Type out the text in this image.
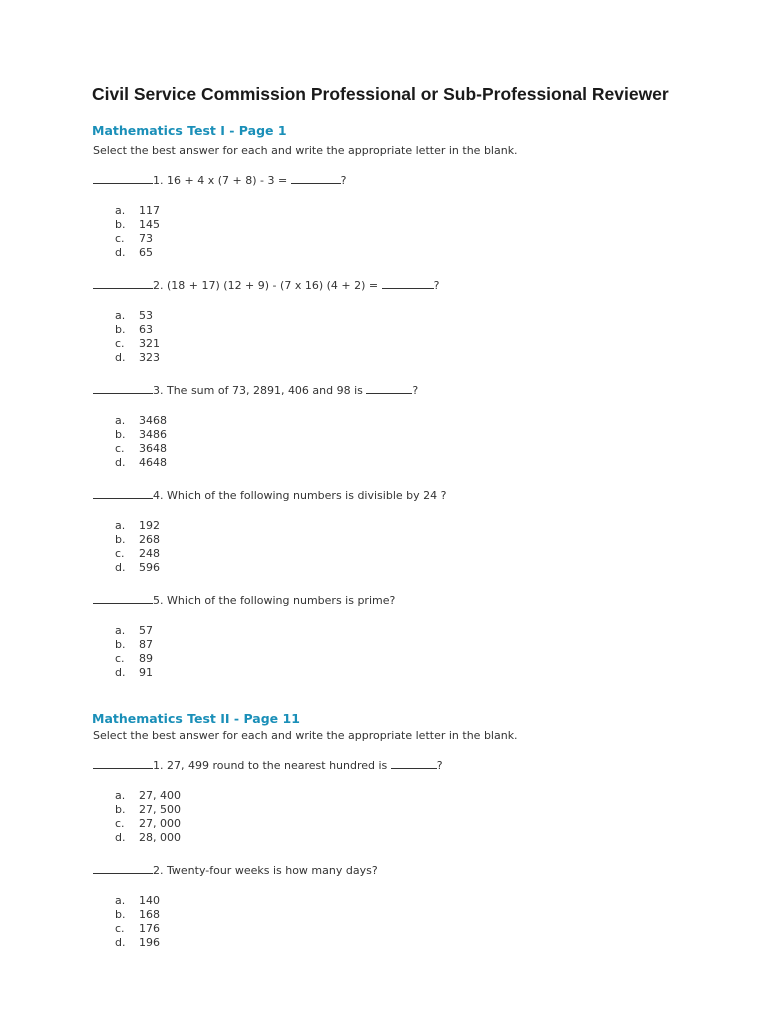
Civil Service Commission Professional or Sub-Professional Reviewer
Mathematics Test I - Page 1
Select the best answer for each and write the appropriate letter in the blank.
1. 16 + 4 x (7 + 8) - 3 =	?
a. 117
b. 145
c. 73
d. 65
2. (18 + 17) (12 + 9) - (7 x 16) (4 + 2) =	?
a. 53
b. 63
c. 321
d. 323
3. The sum of 73, 2891, 406 and 98 is	?
a. 3468
b. 3486
c. 3648
d. 4648
4. Which of the following numbers is divisible by 24 ?
a. 192
b. 268
c. 248
d. 596
5. Which of the following numbers is prime?
a. 57
b. 87
c. 89
d. 91
Mathematics Test II - Page 11
Select the best answer for each and write the appropriate letter in the blank.
1. 27, 499 round to the nearest hundred is	?
a. 27, 400
b. 27, 500
c. 27, 000
d. 28, 000
2. Twenty-four weeks is how many days?
a. 140
b. 168
c. 176
d. 196
